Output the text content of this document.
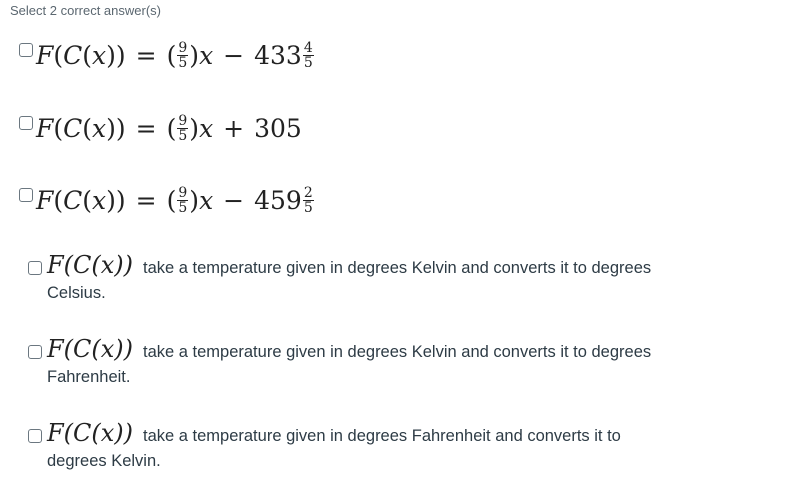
Select 2 correct answer(s)
F ( C ( x )) = ( $\frac{9}{5}$ ) $x - 433 \frac{4}{5}$
F ( C ( x )) = ( $\frac{9}{5}$ ) x + 305
F ( C ( x )) = ( $\frac{9}{5}$ ) $x - 459 \frac{2}{5}$
F(C(x)) take a temperature given in degrees Kelvin and converts it to degrees
Celsius.
F(C(x)) take a temperature given in degrees Kelvin and converts it to degrees
Fahrenheit.
F(C(x)) take a temperature given in degrees Fahrenheit and converts it to
degrees Kelvin.
